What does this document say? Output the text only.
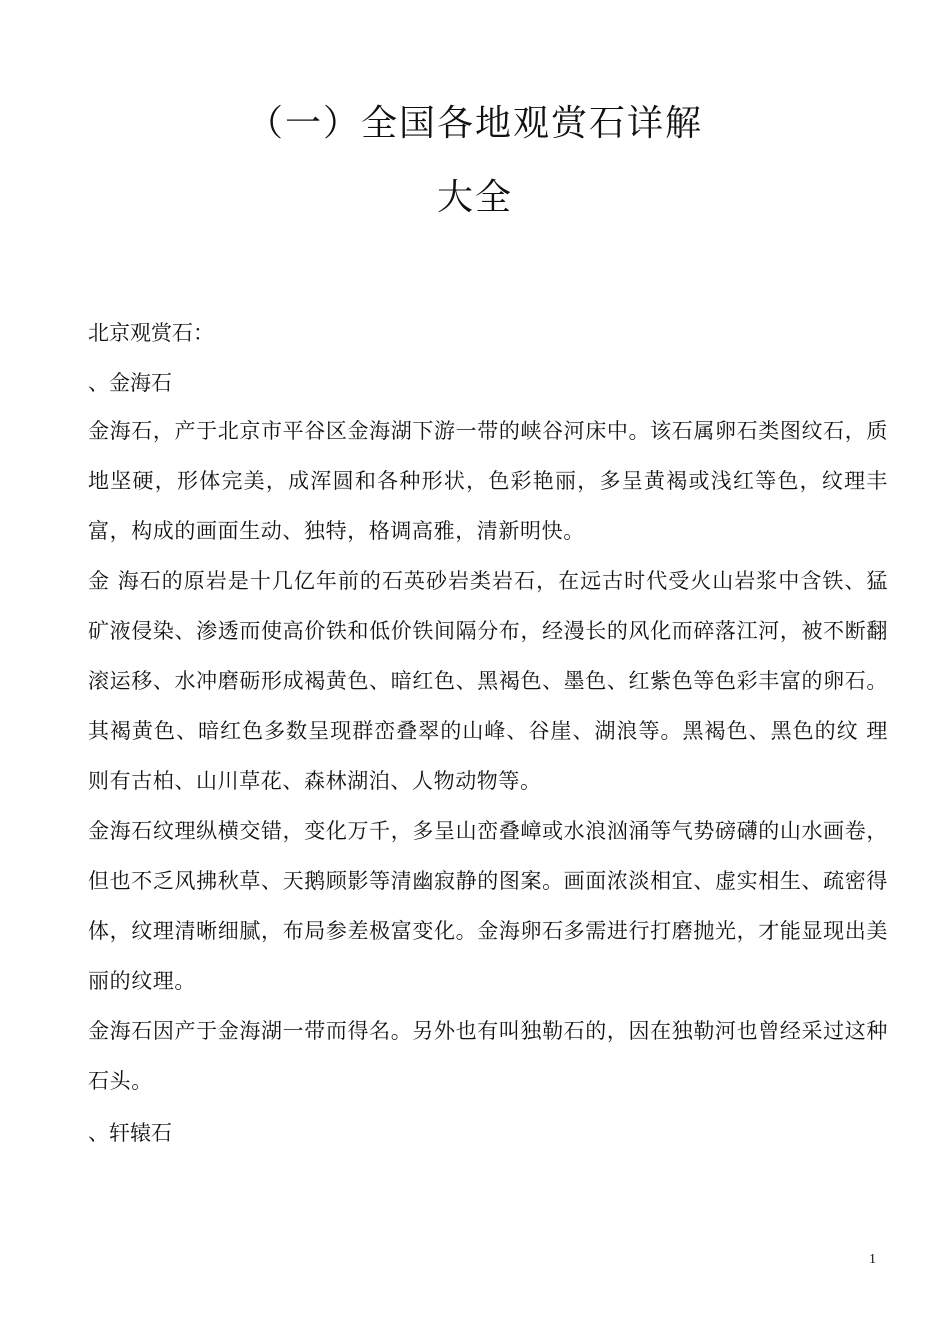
（一）全国各地观赏石详解

大全

北京观赏石：

、金海石

金海石，产于北京市平谷区金海湖下游一带的峡谷河床中。该石属卵石类图纹石，质地坚硬，形体完美，成浑圆和各种形状，色彩艳丽，多呈黄褐或浅红等色，纹理丰富，构成的画面生动、独特，格调高雅，清新明快。

金 海石的原岩是十几亿年前的石英砂岩类岩石，在远古时代受火山岩浆中含铁、猛矿液侵染、渗透而使高价铁和低价铁间隔分布，经漫长的风化而碎落江河，被不断翻 滚运移、水冲磨砺形成褐黄色、暗红色、黑褐色、墨色、红紫色等色彩丰富的卵石。其褐黄色、暗红色多数呈现群峦叠翠的山峰、谷崖、湖浪等。黑褐色、黑色的纹 理则有古柏、山川草花、森林湖泊、人物动物等。

金海石纹理纵横交错，变化万千，多呈山峦叠嶂或水浪汹涌等气势磅礴的山水画卷，但也不乏风拂秋草、天鹅顾影等清幽寂静的图案。画面浓淡相宜、虚实相生、疏密得体，纹理清晰细腻，布局参差极富变化。金海卵石多需进行打磨抛光，才能显现出美丽的纹理。

金海石因产于金海湖一带而得名。另外也有叫独勒石的，因在独勒河也曾经采过这种石头。

、轩辕石

1
